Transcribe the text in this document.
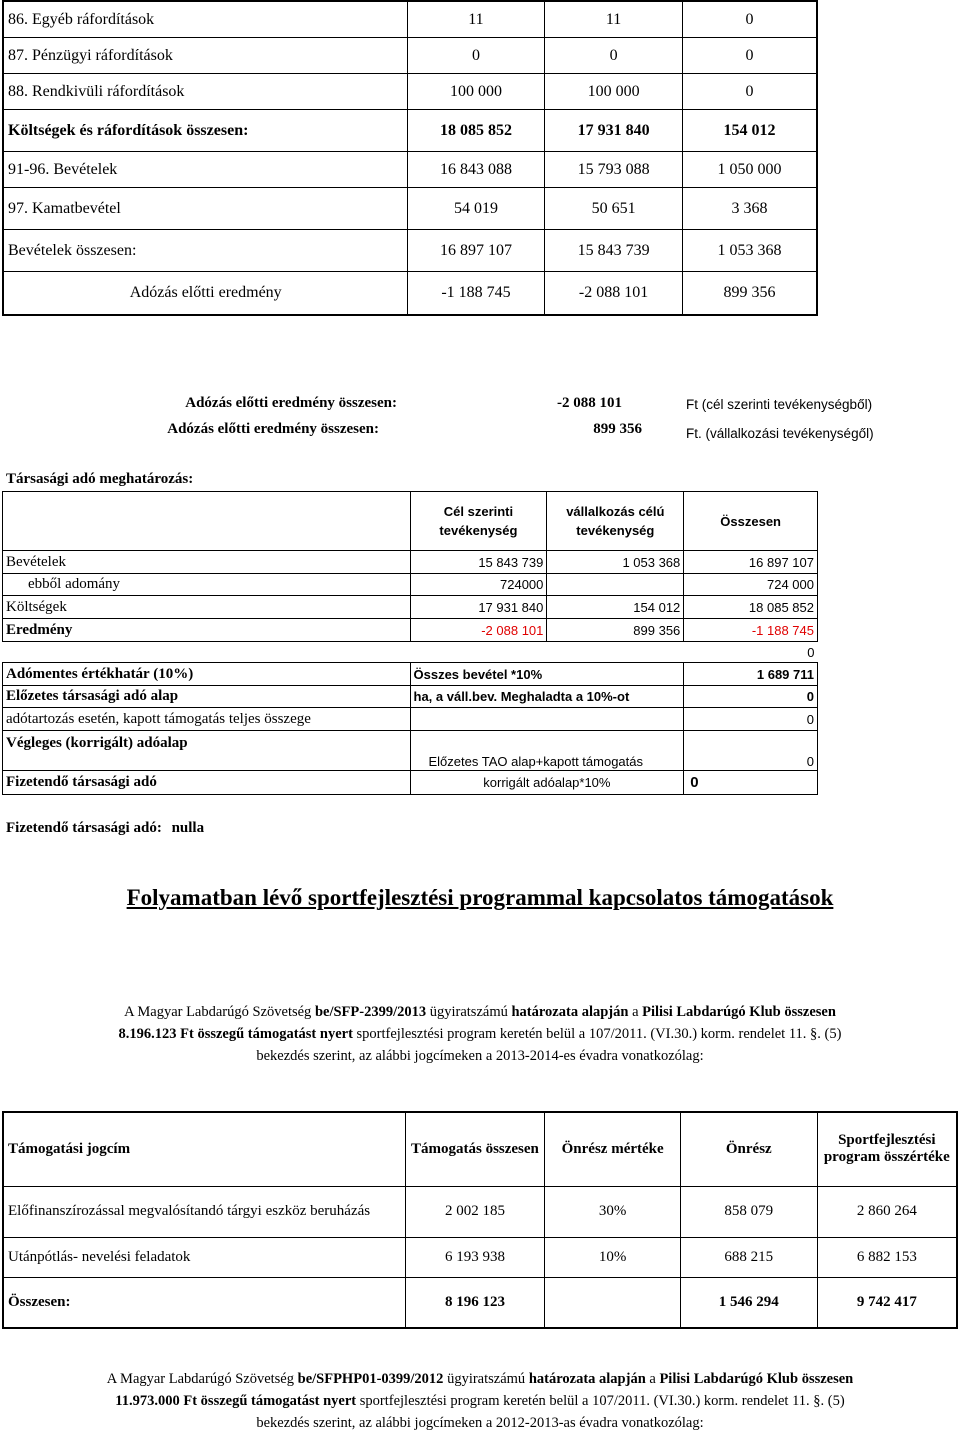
86. Egyéb ráfordítások	11	11	0
87. Pénzügyi ráfordítások	0	0	0
88. Rendkivüli ráfordítások	100 000	100 000	0
Költségek és ráfordítások összesen:	18 085 852	17 931 840	154 012
91-96. Bevételek	16 843 088	15 793 088	1 050 000
97. Kamatbevétel	54 019	50 651	3 368
Bevételek összesen:	16 897 107	15 843 739	1 053 368
Adózás előtti eredmény	-1 188 745	-2 088 101	899 356
Adózás előtti eredmény összesen:	-2 088 101	Ft (cél szerinti tevékenységből)
Adózás előtti eredmény összesen:	899 356	Ft. (vállalkozási tevékenységől)
Társasági adó meghatározás:
	Cél szerinti tevékenység	vállalkozás célú tevékenység	Összesen
Bevételek	15 843 739	1 053 368	16 897 107
ebből adomány	724000		724 000
Költségek	17 931 840	154 012	18 085 852
Eredmény	-2 088 101	899 356	-1 188 745
			0
Adómentes értékhatár (10%)	Összes bevétel *10%		1 689 711
Előzetes társasági adó alap	ha, a váll.bev. Meghaladta a 10%-ot		0
adótartozás esetén, kapott támogatás teljes összege			0
Végleges (korrigált) adóalap	Előzetes TAO alap+kapott támogatás		0
Fizetendő társasági adó	korrigált adóalap*10%		0
Fizetendő társasági adó: nulla
Folyamatban lévő sportfejlesztési programmal kapcsolatos támogatások
A Magyar Labdarúgó Szövetség be/SFP-2399/2013 ügyiratszámú határozata alapján a Pilisi Labdarúgó Klub összesen
8.196.123 Ft összegű támogatást nyert sportfejlesztési program keretén belül a 107/2011. (VI.30.) korm. rendelet 11. §. (5)
bekezdés szerint, az alábbi jogcímeken a 2013-2014-es évadra vonatkozólag:
Támogatási jogcím	Támogatás összesen	Önrész mértéke	Önrész	Sportfejlesztési program összértéke
Előfinanszírozással megvalósítandó tárgyi eszköz beruházás	2 002 185	30%	858 079	2 860 264
Utánpótlás- nevelési feladatok	6 193 938	10%	688 215	6 882 153
Összesen:	8 196 123		1 546 294	9 742 417
A Magyar Labdarúgó Szövetség be/SFPHP01-0399/2012 ügyiratszámú határozata alapján a Pilisi Labdarúgó Klub összesen
11.973.000 Ft összegű támogatást nyert sportfejlesztési program keretén belül a 107/2011. (VI.30.) korm. rendelet 11. §. (5)
bekezdés szerint, az alábbi jogcímeken a 2012-2013-as évadra vonatkozólag:
